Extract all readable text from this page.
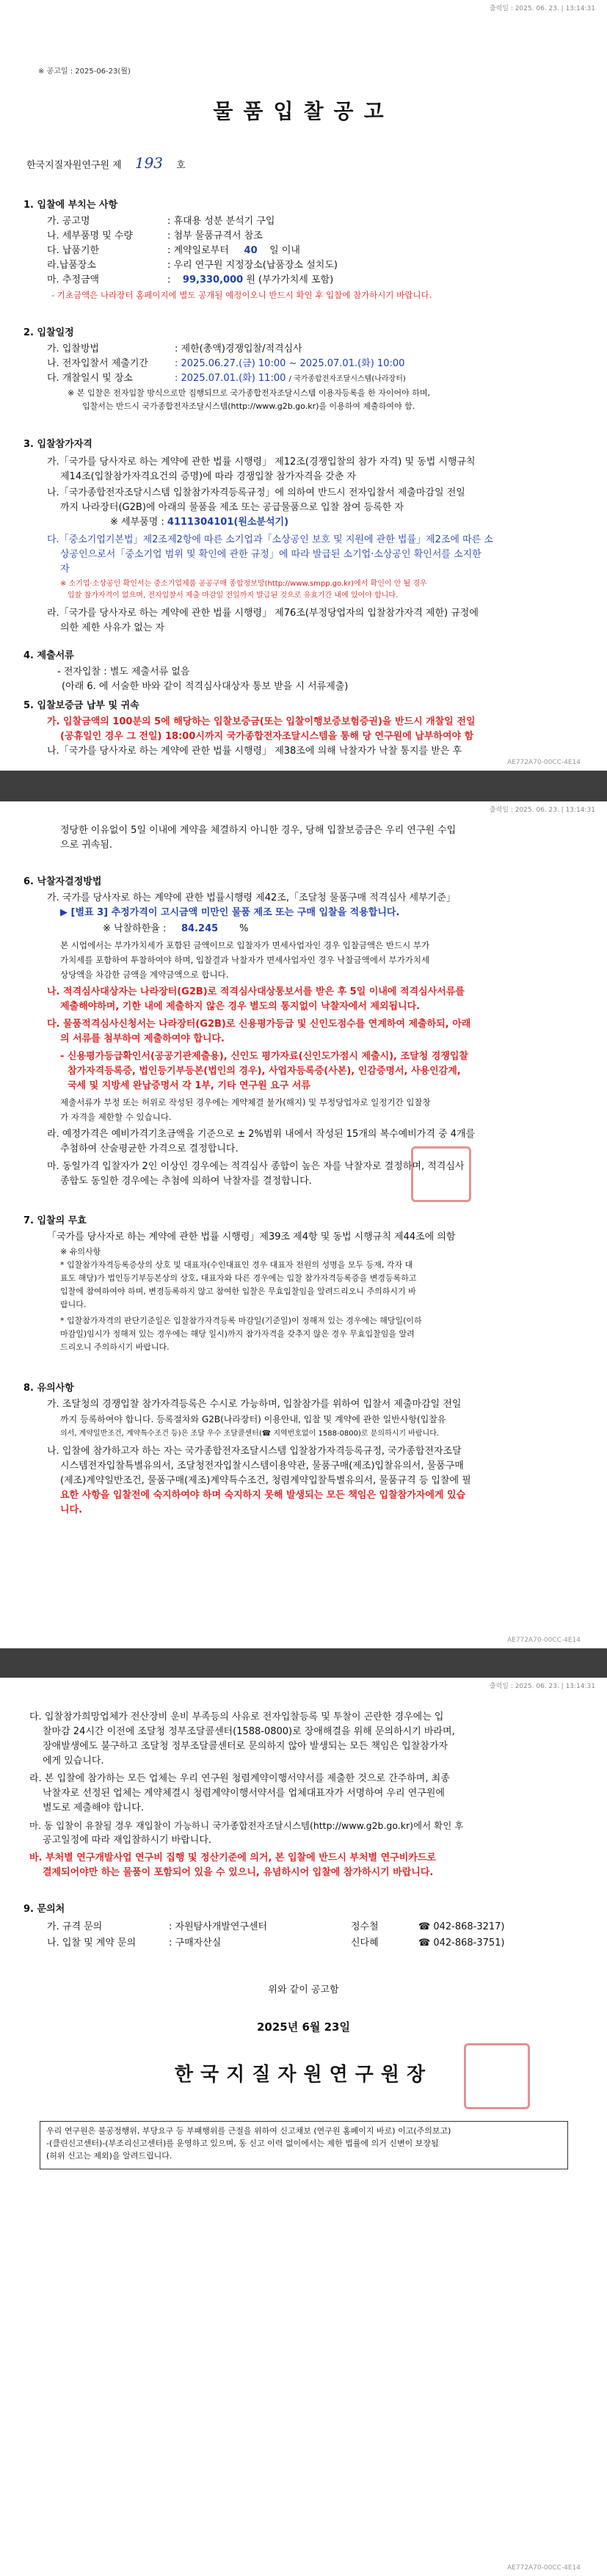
출력일 : 2025. 06. 23. | 13:14:31
※ 공고일 : 2025-06-23(월)
물품입찰공고
한국지질자원연구원 제 193 호
1. 입찰에 부치는 사항
가. 공고명	: 휴대용 성분 분석기 구입
나. 세부품명 및 수량	: 첨부 물품규격서 참조
다. 납품기한	: 계약일로부터 40 일 이내
라.납품장소	: 우리 연구원 지정장소(납품장소 설치도)
마. 추정금액	: 99,330,000 원 (부가가치세 포함)
- 기초금액은 나라장터 홈페이지에 별도 공개될 예정이오니 반드시 확인 후 입찰에 참가하시기 바랍니다.
2. 입찰일정
가. 입찰방법	: 제한(총액)경쟁입찰/적격심사
나. 전자입찰서 제출기간	: 2025.06.27.(금) 10:00 ~ 2025.07.01.(화) 10:00
다. 개찰일시 및 장소	: 2025.07.01.(화) 11:00 / 국가종합전자조달시스템(나라장터)
※ 본 입찰은 전자입찰 방식으로만 집행되므로 국가종합전자조달시스템 이용자등록을 한 자이어야 하며,
입찰서는 반드시 국가종합전자조달시스템(http://www.g2b.go.kr)을 이용하여 제출하여야 함.
3. 입찰참가자격
가.「국가를 당사자로 하는 계약에 관한 법률 시행령」 제12조(경쟁입찰의 참가 자격) 및 동법 시행규칙
제14조(입찰참가자격요건의 증명)에 따라 경쟁입찰 참가자격을 갖춘 자
나.「국가종합전자조달시스템 입찰참가자격등록규정」에 의하여 반드시 전자입찰서 제출마감일 전일
까지 나라장터(G2B)에 아래의 물품을 제조 또는 공급물품으로 입찰 참여 등록한 자
※ 세부품명 : 4111304101(원소분석기)
다.「중소기업기본법」제2조제2항에 따른 소기업과「소상공인 보호 및 지원에 관한 법률」제2조에 따른 소
상공인으로서「중소기업 범위 및 확인에 관한 규정」에 따라 발급된 소기업·소상공인 확인서를 소지한
자
※ 소기업·소상공인 확인서는 중소기업제품 공공구매 종합정보망(http://www.smpp.go.kr)에서 확인이 안 될 경우
입찰 참가자격이 없으며, 전자입찰서 제출 마감일 전일까지 발급된 것으로 유효기간 내에 있어야 합니다.
라.「국가를 당사자로 하는 계약에 관한 법률 시행령」 제76조(부정당업자의 입찰참가자격 제한) 규정에
의한 제한 사유가 없는 자
4. 제출서류
- 전자입찰 : 별도 제출서류 없음
(아래 6. 에 서술한 바와 같이 적격심사대상자 통보 받을 시 서류제출)
5. 입찰보증금 납부 및 귀속
가. 입찰금액의 100분의 5에 해당하는 입찰보증금(또는 입찰이행보증보험증권)을 반드시 개찰일 전일
(공휴일인 경우 그 전일) 18:00시까지 국가종합전자조달시스템을 통해 당 연구원에 납부하여야 함
나.「국가를 당사자로 하는 계약에 관한 법률 시행령」 제38조에 의해 낙찰자가 낙찰 통지를 받은 후
AE772A70-00CC-4E14
출력일 : 2025. 06. 23. | 13:14:31
정당한 이유없이 5일 이내에 계약을 체결하지 아니한 경우, 당해 입찰보증금은 우리 연구원 수입
으로 귀속됨.
6. 낙찰자결정방법
가. 국가를 당사자로 하는 계약에 관한 법률시행령 제42조,「조달청 물품구매 적격심사 세부기준」
▶ [별표 3] 추정가격이 고시금액 미만인 물품 제조 또는 구매 입찰을 적용합니다.
※ 낙찰하한율 : 84.245 %
본 시업에서는 부가가치세가 포함된 금액이므로 입찰자가 면세사업자인 경우 입찰금액은 반드시 부가
가치세를 포함하여 투찰하여야 하며, 입찰결과 낙찰자가 면세사업자인 경우 낙찰금액에서 부가가치세
상당액을 차감한 금액을 계약금액으로 합니다.
나. 적격심사대상자는 나라장터(G2B)로 적격심사대상통보서를 받은 후 5일 이내에 적격심사서류를
제출해야하며, 기한 내에 제출하지 않은 경우 별도의 통지없이 낙찰자에서 제외됩니다.
다. 물품적격심사신청서는 나라장터(G2B)로 신용평가등급 및 신인도점수를 연계하여 제출하되, 아래
의 서류를 첨부하여 제출하여야 합니다.
- 신용평가등급확인서(공공기관제출용), 신인도 평가자료(신인도가점시 제출시), 조달청 경쟁입찰
참가자격등록증, 법인등기부등본(법인의 경우), 사업자등록증(사본), 인감증명서, 사용인감계,
국세 및 지방세 완납증명서 각 1부, 기타 연구원 요구 서류
제출서류가 부정 또는 허위로 작성된 경우에는 계약체결 불가(해지) 및 부정당업자로 일정기간 입찰창
가 자격을 제한할 수 있습니다.
라. 예정가격은 예비가격기초금액을 기준으로 ± 2%범위 내에서 작성된 15개의 복수예비가격 중 4개를
추첨하여 산술평균한 가격으로 결정합니다.
마. 동일가격 입찰자가 2인 이상인 경우에는 적격심사 종합이 높은 자를 낙찰자로 결정하며, 적격심사
종합도 동일한 경우에는 추첨에 의하여 낙찰자를 결정합니다.
7. 입찰의 무효
「국가를 당사자로 하는 계약에 관한 법률 시행령」제39조 제4항 및 동법 시행규칙 제44조에 의함
※ 유의사항
* 입찰참가자격등록증상의 상호 및 대표자(수인대표인 경우 대표자 전원의 성명을 모두 등재, 각자 대
표도 해당)가 법인등기부등본상의 상호, 대표자와 다른 경우에는 입찰 참가자격등록증을 변경등록하고
입찰에 참여하여야 하며, 변경등록하지 않고 참여한 입찰은 무효입찰임을 알려드리오니 주의하시기 바
랍니다.
* 입찰참가자격의 판단기준일은 입찰참가자격등록 마감일(기준일)이 정해져 있는 경우에는 해당일(이하
마감일)임시가 정해져 있는 경우에는 해당 일시)까지 참가자격을 갖추지 않은 경우 무효입찰임을 알려
드리오니 주의하시기 바랍니다.
8. 유의사항
가. 조달청의 경쟁입찰 참가자격등록은 수시로 가능하며, 입찰참가를 위하여 입찰서 제출마감일 전일
까지 등록하여야 합니다. 등록절차와 G2B(나라장터) 이용안내, 입찰 및 계약에 관한 일반사항(입찰유
의서, 계약일반조건, 계약특수조건 등)은 조달 우수 조달콜센터(☎ 지역번호없이 1588-0800)로 문의하시기 바랍니다.
나. 입찰에 참가하고자 하는 자는 국가종합전자조달시스템 입찰참가자격등록규정, 국가종합전자조달
시스템전자입찰특별유의서, 조달청전자입찰시스템이용약관, 물품구매(제조)입찰유의서, 물품구매
(제조)계약일반조건, 물품구매(제조)계약특수조건, 청렴계약입찰특별유의서, 물품규격 등 입찰에 필
요한 사항을 입찰전에 숙지하여야 하며 숙지하지 못해 발생되는 모든 책임은 입찰참가자에게 있습
니다.
AE772A70-00CC-4E14
출력일 : 2025. 06. 23. | 13:14:31
다. 입찰참가희망업체가 전산장비 운비 부족등의 사유로 전자입찰등록 및 투찰이 곤란한 경우에는 입
찰마감 24시간 이전에 조달청 정부조달콜센터(1588-0800)로 장애해결을 위해 문의하시기 바라며,
장애발생에도 불구하고 조달청 정부조달콜센터로 문의하지 않아 발생되는 모든 책임은 입찰참가자
에게 있습니다.
라. 본 입찰에 참가하는 모든 업체는 우리 연구원 청렴계약이행서약서를 제출한 것으로 간주하며, 최종
낙찰자로 선정된 업체는 계약체결시 청렴계약이행서약서를 업체대표자가 서명하여 우리 연구원에
별도로 제출해야 합니다.
마. 동 입찰이 유찰될 경우 재입찰이 가능하니 국가종합전자조달시스템(http://www.g2b.go.kr)에서 확인 후
공고일정에 따라 재입찰하시기 바랍니다.
바. 부처별 연구개발사업 연구비 집행 및 정산기준에 의거, 본 입찰에 반드시 부처별 연구비카드로
결제되어야만 하는 물품이 포함되어 있을 수 있으니, 유념하시어 입찰에 참가하시기 바랍니다.
9. 문의처
가. 규격 문의	: 자원탐사개발연구센터	정수철	☎ 042-868-3217)
나. 입찰 및 계약 문의	: 구매자산실	신다혜	☎ 042-868-3751)
위와 같이 공고함
2025년 6월 23일
한국지질자원연구원장
우리 연구원은 불공정행위, 부당요구 등 부패행위를 근절을 위하여 신고채보 (연구원 홈페이지 바로) 이고(주의보고)
-(클린신고센터)-(부조리신고센터)를 운영하고 있으며, 동 신고 이력 없이에서는 제한 법률에 의거 신변이 보장됨
(허위 신고는 제외)을 알려드립니다.
AE772A70-00CC-4E14
